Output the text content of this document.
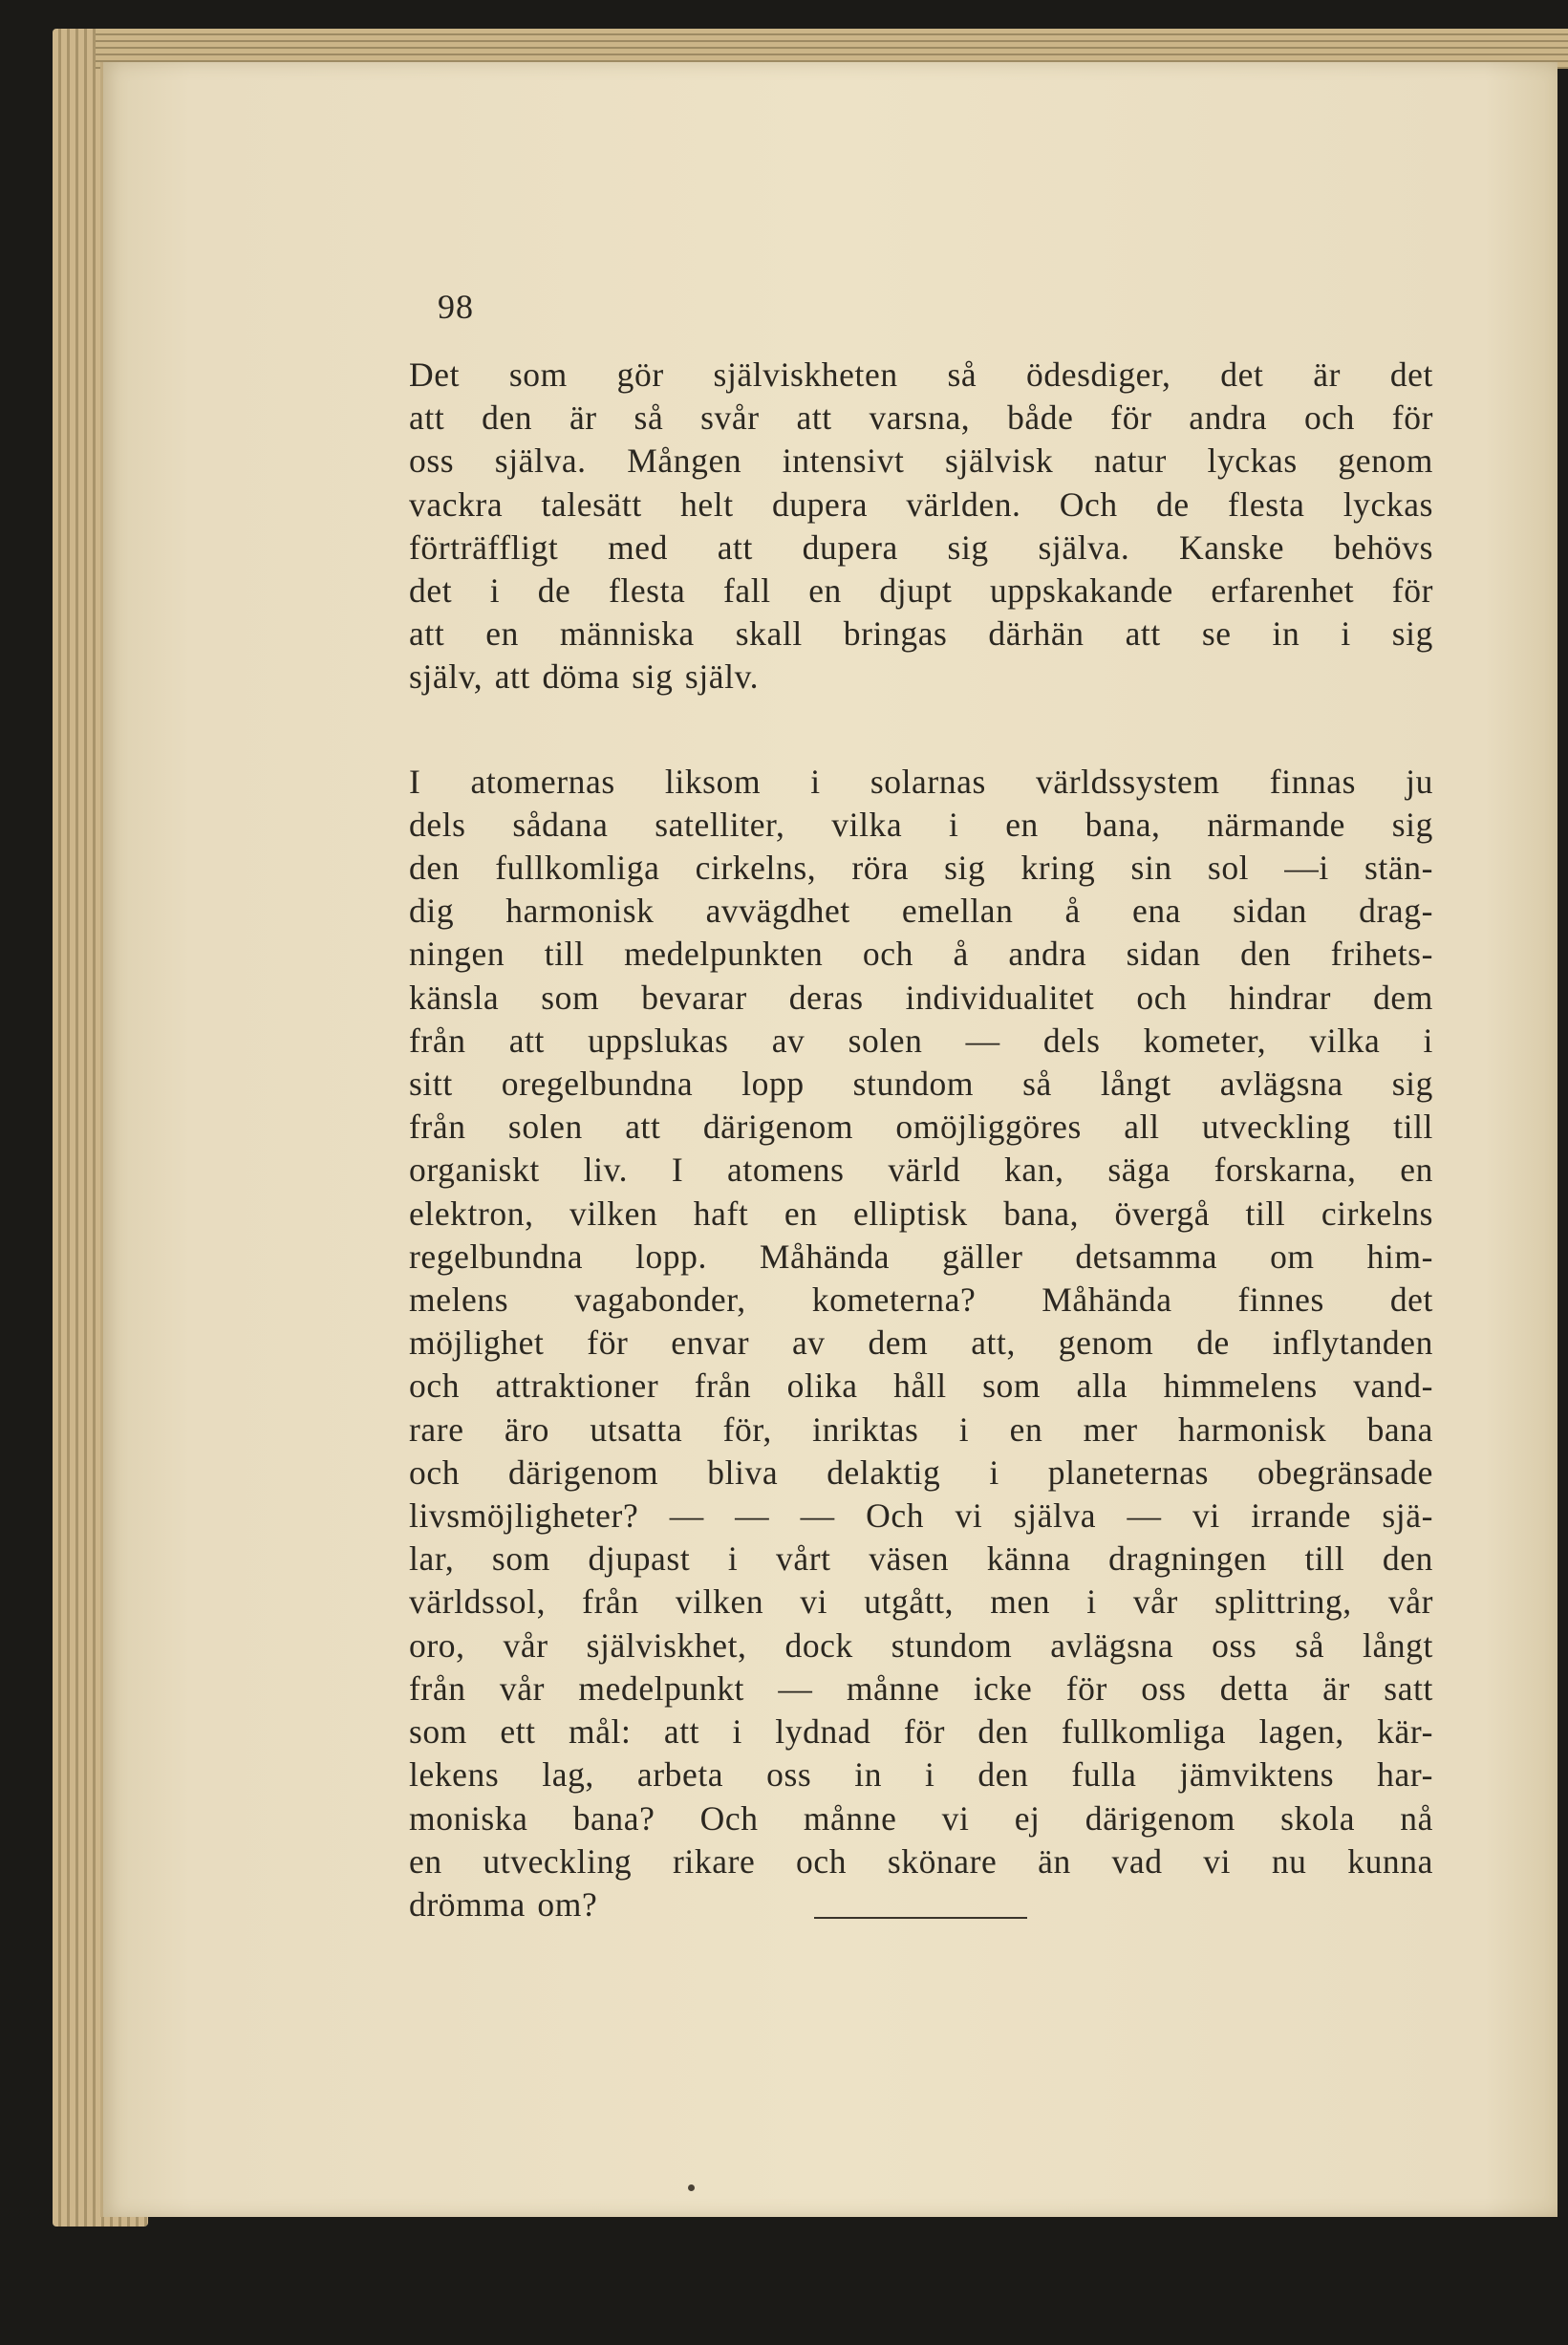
98

Det som gör själviskheten så ödesdiger, det är det
att den är så svår att varsna, både för andra och för
oss själva. Mången intensivt självisk natur lyckas genom
vackra talesätt helt dupera världen. Och de flesta lyckas
förträffligt med att dupera sig själva. Kanske behövs
det i de flesta fall en djupt uppskakande erfarenhet för
att en människa skall bringas därhän att se in i sig
själv, att döma sig själv.

I atomernas liksom i solarnas världssystem finnas ju
dels sådana satelliter, vilka i en bana, närmande sig
den fullkomliga cirkelns, röra sig kring sin sol —i stän-
dig harmonisk avvägdhet emellan å ena sidan drag-
ningen till medelpunkten och å andra sidan den frihets-
känsla som bevarar deras individualitet och hindrar dem
från att uppslukas av solen — dels kometer, vilka i
sitt oregelbundna lopp stundom så långt avlägsna sig
från solen att därigenom omöjliggöres all utveckling till
organiskt liv. I atomens värld kan, säga forskarna, en
elektron, vilken haft en elliptisk bana, övergå till cirkelns
regelbundna lopp. Måhända gäller detsamma om him-
melens vagabonder, kometerna? Måhända finnes det
möjlighet för envar av dem att, genom de inflytanden
och attraktioner från olika håll som alla himmelens vand-
rare äro utsatta för, inriktas i en mer harmonisk bana
och därigenom bliva delaktig i planeternas obegränsade
livsmöjligheter? — — — Och vi själva — vi irrande sjä-
lar, som djupast i vårt väsen känna dragningen till den
världssol, från vilken vi utgått, men i vår splittring, vår
oro, vår själviskhet, dock stundom avlägsna oss så långt
från vår medelpunkt — månne icke för oss detta är satt
som ett mål: att i lydnad för den fullkomliga lagen, kär-
lekens lag, arbeta oss in i den fulla jämviktens har-
moniska bana? Och månne vi ej därigenom skola nå
en utveckling rikare och skönare än vad vi nu kunna
drömma om?
